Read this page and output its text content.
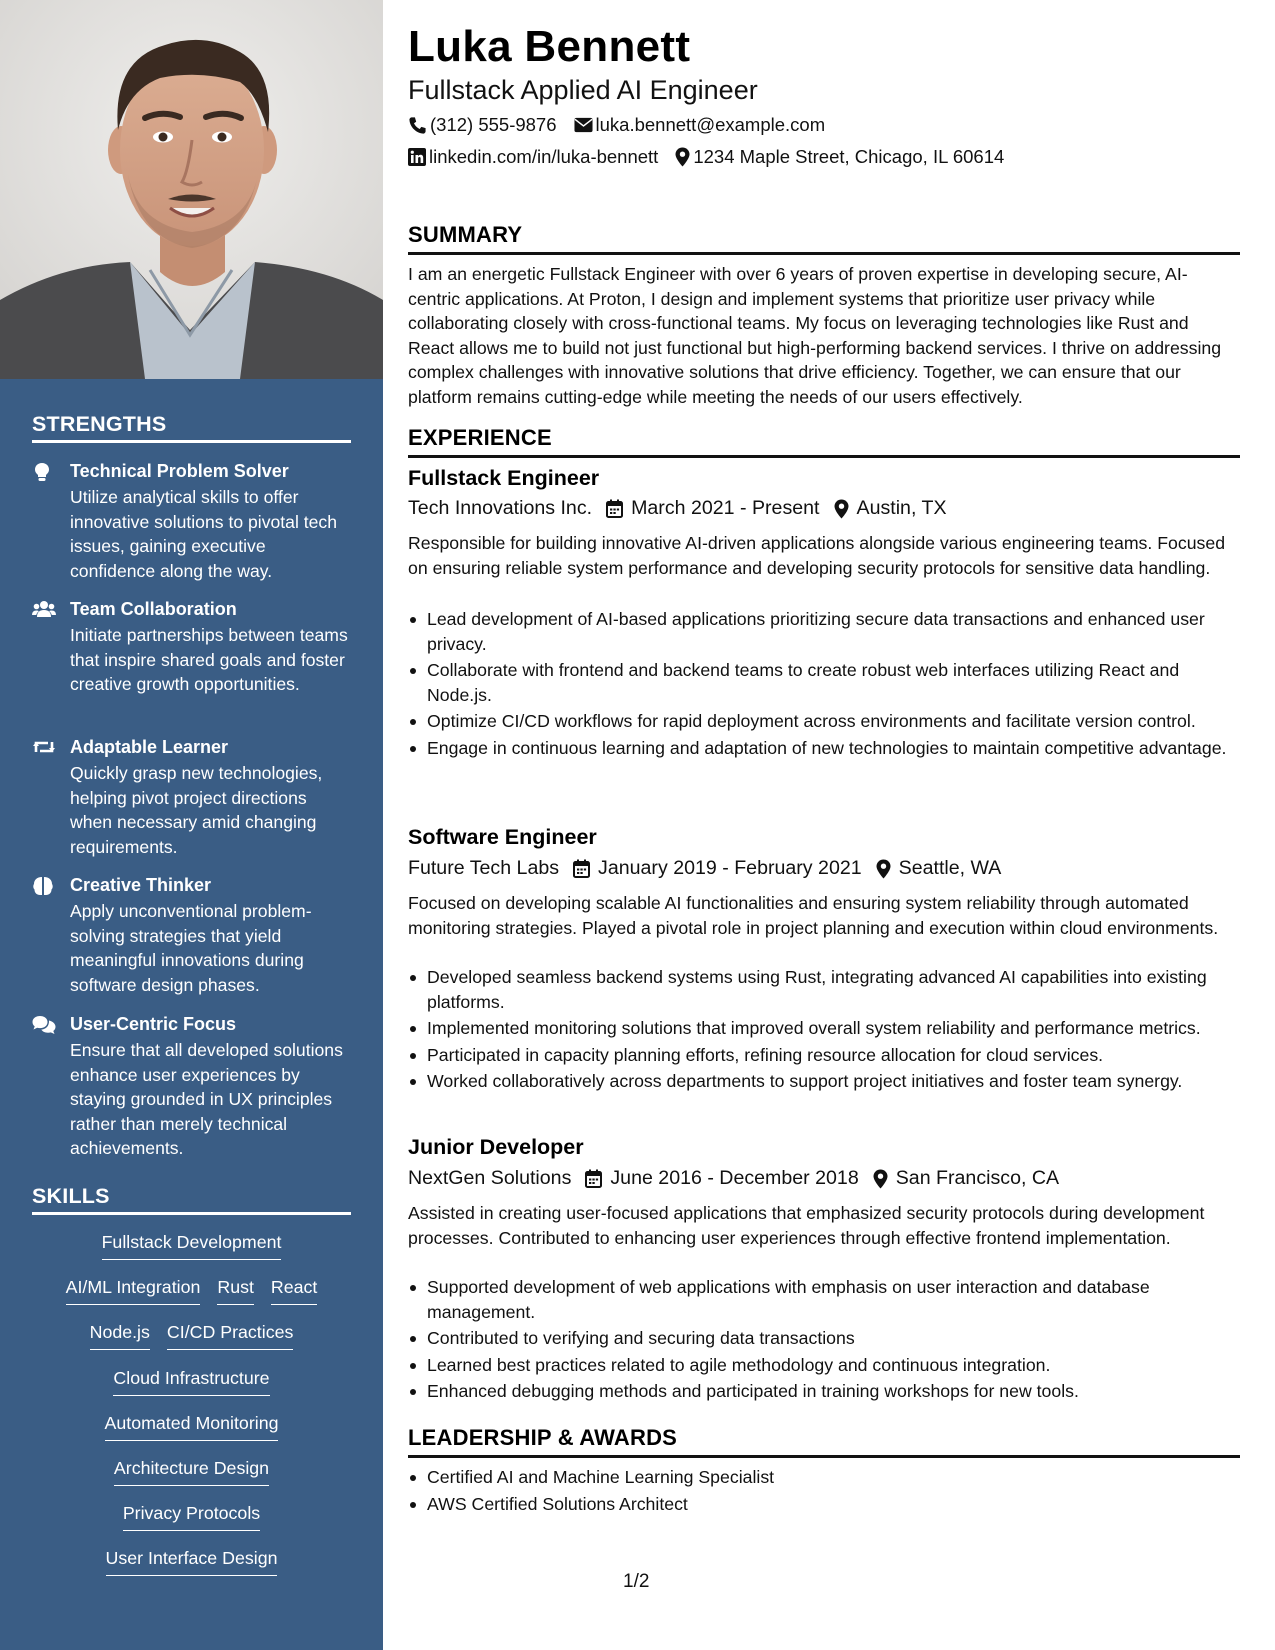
STRENGTHS
Technical Problem Solver
Utilize analytical skills to offer innovative solutions to pivotal tech issues, gaining executive confidence along the way.
Team Collaboration
Initiate partnerships between teams that inspire shared goals and foster creative growth opportunities.
Adaptable Learner
Quickly grasp new technologies, helping pivot project directions when necessary amid changing requirements.
Creative Thinker
Apply unconventional problem-solving strategies that yield meaningful innovations during software design phases.
User-Centric Focus
Ensure that all developed solutions enhance user experiences by staying grounded in UX principles rather than merely technical achievements.
SKILLS
Fullstack Development
AI/ML Integration Rust React
Node.js CI/CD Practices
Cloud Infrastructure
Automated Monitoring
Architecture Design
Privacy Protocols
User Interface Design
Luka Bennett
Fullstack Applied AI Engineer
(312) 555-9876 luka.bennett@example.com
linkedin.com/in/luka-bennett 1234 Maple Street, Chicago, IL 60614
SUMMARY
I am an energetic Fullstack Engineer with over 6 years of proven expertise in developing secure, AI-centric applications. At Proton, I design and implement systems that prioritize user privacy while collaborating closely with cross-functional teams. My focus on leveraging technologies like Rust and React allows me to build not just functional but high-performing backend services. I thrive on addressing complex challenges with innovative solutions that drive efficiency. Together, we can ensure that our platform remains cutting-edge while meeting the needs of our users effectively.
EXPERIENCE
Fullstack Engineer
Tech Innovations Inc. March 2021 - Present Austin, TX
Responsible for building innovative AI-driven applications alongside various engineering teams. Focused on ensuring reliable system performance and developing security protocols for sensitive data handling.
Lead development of AI-based applications prioritizing secure data transactions and enhanced user privacy.
Collaborate with frontend and backend teams to create robust web interfaces utilizing React and Node.js.
Optimize CI/CD workflows for rapid deployment across environments and facilitate version control.
Engage in continuous learning and adaptation of new technologies to maintain competitive advantage.
Software Engineer
Future Tech Labs January 2019 - February 2021 Seattle, WA
Focused on developing scalable AI functionalities and ensuring system reliability through automated monitoring strategies. Played a pivotal role in project planning and execution within cloud environments.
Developed seamless backend systems using Rust, integrating advanced AI capabilities into existing platforms.
Implemented monitoring solutions that improved overall system reliability and performance metrics.
Participated in capacity planning efforts, refining resource allocation for cloud services.
Worked collaboratively across departments to support project initiatives and foster team synergy.
Junior Developer
NextGen Solutions June 2016 - December 2018 San Francisco, CA
Assisted in creating user-focused applications that emphasized security protocols during development processes. Contributed to enhancing user experiences through effective frontend implementation.
Supported development of web applications with emphasis on user interaction and database management.
Contributed to verifying and securing data transactions
Learned best practices related to agile methodology and continuous integration.
Enhanced debugging methods and participated in training workshops for new tools.
LEADERSHIP & AWARDS
Certified AI and Machine Learning Specialist
AWS Certified Solutions Architect
1/2
